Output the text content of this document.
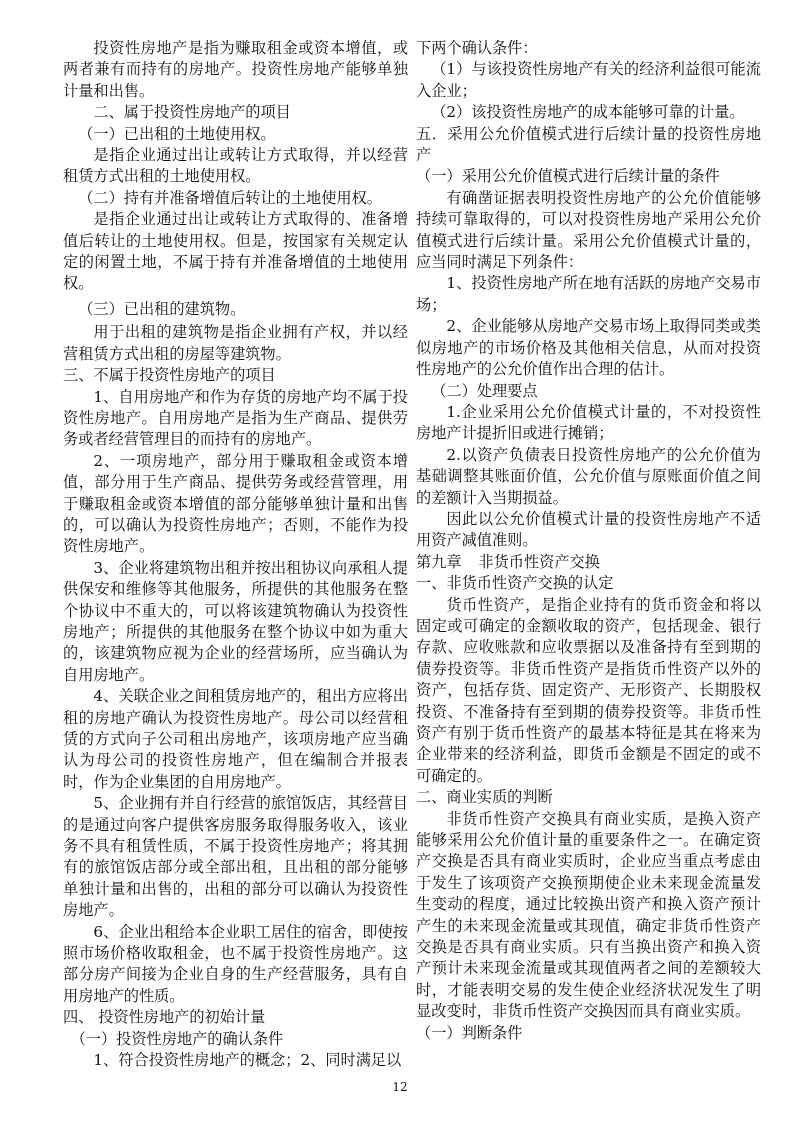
投资性房地产是指为赚取租金或资本增值，或两者兼有而持有的房地产。投资性房地产能够单独计量和出售。

二、属于投资性房地产的项目

（一）已出租的土地使用权。

是指企业通过出让或转让方式取得，并以经营租赁方式出租的土地使用权。

（二）持有并准备增值后转让的土地使用权。

是指企业通过出让或转让方式取得的、准备增值后转让的土地使用权。但是，按国家有关规定认定的闲置土地，不属于持有并准备增值的土地使用权。

（三）已出租的建筑物。

用于出租的建筑物是指企业拥有产权，并以经营租赁方式出租的房屋等建筑物。

三、不属于投资性房地产的项目

1、自用房地产和作为存货的房地产均不属于投资性房地产。自用房地产是指为生产商品、提供劳务或者经营管理目的而持有的房地产。

2、一项房地产，部分用于赚取租金或资本增值，部分用于生产商品、提供劳务或经营管理，用于赚取租金或资本增值的部分能够单独计量和出售的，可以确认为投资性房地产；否则，不能作为投资性房地产。

3、企业将建筑物出租并按出租协议向承租人提供保安和维修等其他服务，所提供的其他服务在整个协议中不重大的，可以将该建筑物确认为投资性房地产；所提供的其他服务在整个协议中如为重大的，该建筑物应视为企业的经营场所，应当确认为自用房地产。

4、关联企业之间租赁房地产的，租出方应将出租的房地产确认为投资性房地产。母公司以经营租赁的方式向子公司租出房地产，该项房地产应当确认为母公司的投资性房地产，但在编制合并报表时，作为企业集团的自用房地产。

5、企业拥有并自行经营的旅馆饭店，其经营目的是通过向客户提供客房服务取得服务收入，该业务不具有租赁性质，不属于投资性房地产；将其拥有的旅馆饭店部分或全部出租，且出租的部分能够单独计量和出售的，出租的部分可以确认为投资性房地产。

6、企业出租给本企业职工居住的宿舍，即使按照市场价格收取租金，也不属于投资性房地产。这部分房产间接为企业自身的生产经营服务，具有自用房地产的性质。

四、 投资性房地产的初始计量

（一）投资性房地产的确认条件

1、符合投资性房地产的概念；2、同时满足以

下两个确认条件：

（1）与该投资性房地产有关的经济利益很可能流入企业；

（2）该投资性房地产的成本能够可靠的计量。

五．采用公允价值模式进行后续计量的投资性房地产

（一）采用公允价值模式进行后续计量的条件

有确凿证据表明投资性房地产的公允价值能够持续可靠取得的，可以对投资性房地产采用公允价值模式进行后续计量。采用公允价值模式计量的，应当同时满足下列条件：

1、投资性房地产所在地有活跃的房地产交易市场；

2、企业能够从房地产交易市场上取得同类或类似房地产的市场价格及其他相关信息，从而对投资性房地产的公允价值作出合理的估计。

（二）处理要点

1.企业采用公允价值模式计量的，不对投资性房地产计提折旧或进行摊销；

2.以资产负债表日投资性房地产的公允价值为基础调整其账面价值，公允价值与原账面价值之间的差额计入当期损益。

因此以公允价值模式计量的投资性房地产不适用资产减值准则。

第九章 非货币性资产交换

一、非货币性资产交换的认定

货币性资产，是指企业持有的货币资金和将以固定或可确定的金额收取的资产，包括现金、银行存款、应收账款和应收票据以及准备持有至到期的债券投资等。非货币性资产是指货币性资产以外的资产，包括存货、固定资产、无形资产、长期股权投资、不准备持有至到期的债券投资等。非货币性资产有别于货币性资产的最基本特征是其在将来为企业带来的经济利益，即货币金额是不固定的或不可确定的。

二、商业实质的判断

非货币性资产交换具有商业实质，是换入资产能够采用公允价值计量的重要条件之一。在确定资产交换是否具有商业实质时，企业应当重点考虑由于发生了该项资产交换预期使企业未来现金流量发生变动的程度，通过比较换出资产和换入资产预计产生的未来现金流量或其现值，确定非货币性资产交换是否具有商业实质。只有当换出资产和换入资产预计未来现金流量或其现值两者之间的差额较大时，才能表明交易的发生使企业经济状况发生了明显改变时，非货币性资产交换因而具有商业实质。

（一）判断条件

12
